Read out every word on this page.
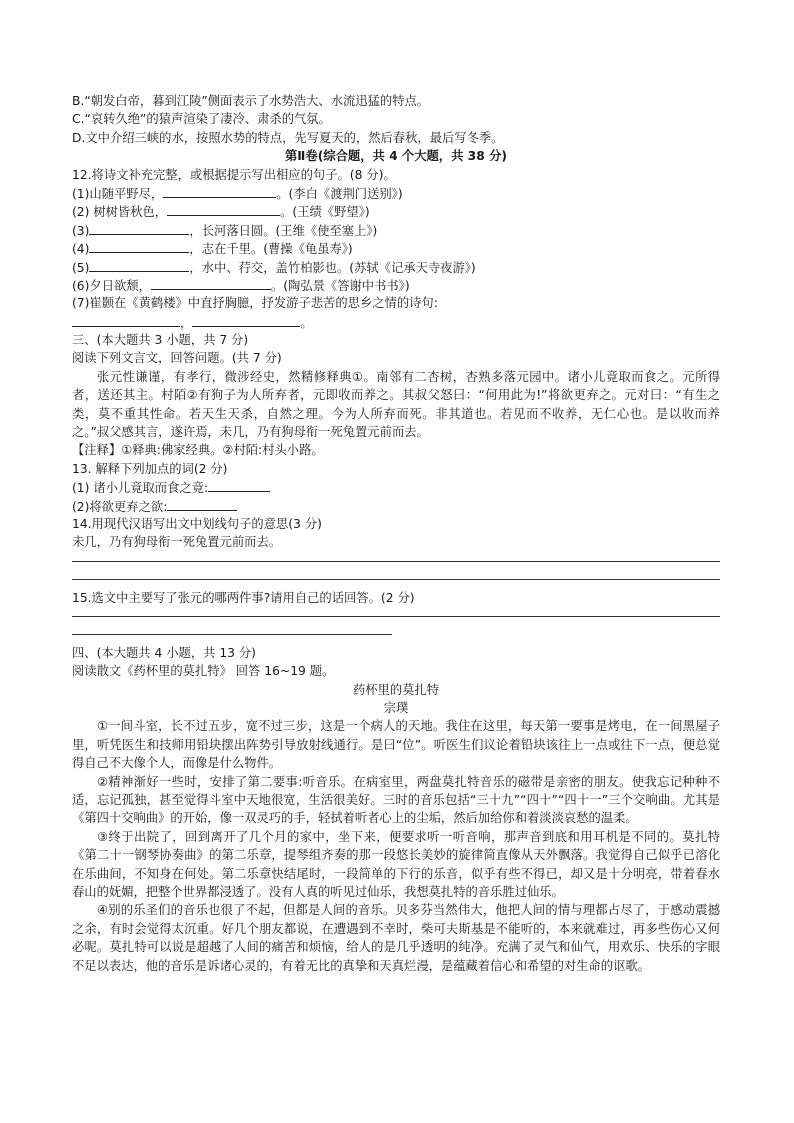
B.“朝发白帝，暮到江陵”侧面表示了水势浩大、水流迅猛的特点。
C.“哀转久绝”的猿声渲染了凄冷、肃杀的气氛。
D.文中介绍三峡的水，按照水势的特点，先写夏天的，然后春秋，最后写冬季。
第Ⅱ卷(综合题，共 4 个大题，共 38 分)
12.将诗文补充完整，或根据提示写出相应的句子。(8 分)。
(1)山随平野尽，	。(李白《渡荆门送别》)
(2) 树树皆秋色，	。(王绩《野望》)
(3)	，长河落日圆。(王维《使至塞上》)
(4)	，志在千里。(曹操《龟虽寿》)
(5)	，水中、荇交，盖竹柏影也。(苏轼《记承天寺夜游》)
(6)夕日欲颓，	。(陶弘景《答谢中书书》)
(7)崔颢在《黄鹤楼》中直抒胸臆，抒发游子悲苦的思乡之情的诗句:
，	。
三、(本大题共 3 小题，共 7 分)
阅读下列文言文，回答问题。(共 7 分)
张元性谦谨，有孝行，微涉经史，然精修释典①。南邻有二杏树，杏熟多落元园中。诸小儿竟取而食之。元所得者，送还其主。村陌②有狗子为人所弃者，元即收而养之。其叔父怒曰：“何用此为!”将欲更弃之。元对曰：“有生之类，莫不重其性命。若天生天杀，自然之理。今为人所弃而死。非其道也。若见而不收养，无仁心也。是以收而养之。”叔父感其言，遂许焉，未几，乃有狗母衔一死兔置元前而去。
【注释】①释典:佛家经典。②村陌:村头小路。
13. 解释下列加点的词(2 分)
(1) 诸小儿竟取而食之竟:
(2)将欲更弃之欲:
14.用现代汉语写出文中划线句子的意思(3 分)
未几，乃有狗母衔一死兔置元前而去。
15.选文中主要写了张元的哪两件事?请用自己的话回答。(2 分)
四、(本大题共 4 小题，共 13 分)
阅读散文《药杯里的莫扎特》 回答 16~19 题。
药杯里的莫扎特
宗璞
①一间斗室，长不过五步，宽不过三步，这是一个病人的天地。我住在这里，每天第一要事是烤电，在一间黑屋子里，听凭医生和技师用铅块摆出阵势引导放射线通行。是曰“位”。听医生们议论着铅块该往上一点或往下一点，便总觉得自己不大像个人，而像是什么物件。
②精神渐好一些时，安排了第二要事:听音乐。在病室里，两盘莫扎特音乐的磁带是亲密的朋友。使我忘记种种不适，忘记孤独，甚至觉得斗室中天地很宽，生活很美好。三时的音乐包括“三十九”“四十”“四十一”三个交响曲。尤其是《第四十交响曲》的开始，像一双灵巧的手，轻拭着听者心上的尘垢，然后加给你和着淡淡哀愁的温柔。
③终于出院了，回到离开了几个月的家中，坐下来，便要求听一听音响，那声音到底和用耳机是不同的。莫扎特《第二十一钢琴协奏曲》的第二乐章，提琴组齐奏的那一段悠长美妙的旋律简直像从天外飘落。我觉得自己似乎已溶化在乐曲间，不知身在何处。第二乐章快结尾时，一段简单的下行的乐音，似乎有些不得已，却又是十分明亮，带着春水春山的妩媚，把整个世界都浸透了。没有人真的听见过仙乐，我想莫扎特的音乐胜过仙乐。
④别的乐圣们的音乐也很了不起，但都是人间的音乐。贝多芬当然伟大，他把人间的情与理都占尽了，于感动震撼之余，有时会觉得太沉重。好几个朋友都说，在遭遇到不幸时，柴可夫斯基是不能听的，本来就难过，再多些伤心又何必呢。莫扎特可以说是超越了人间的痛苦和烦恼，给人的是几乎透明的纯净。充满了灵气和仙气，用欢乐、快乐的字眼不足以表达，他的音乐是诉诸心灵的，有着无比的真挚和天真烂漫，是蕴藏着信心和希望的对生命的讴歌。
